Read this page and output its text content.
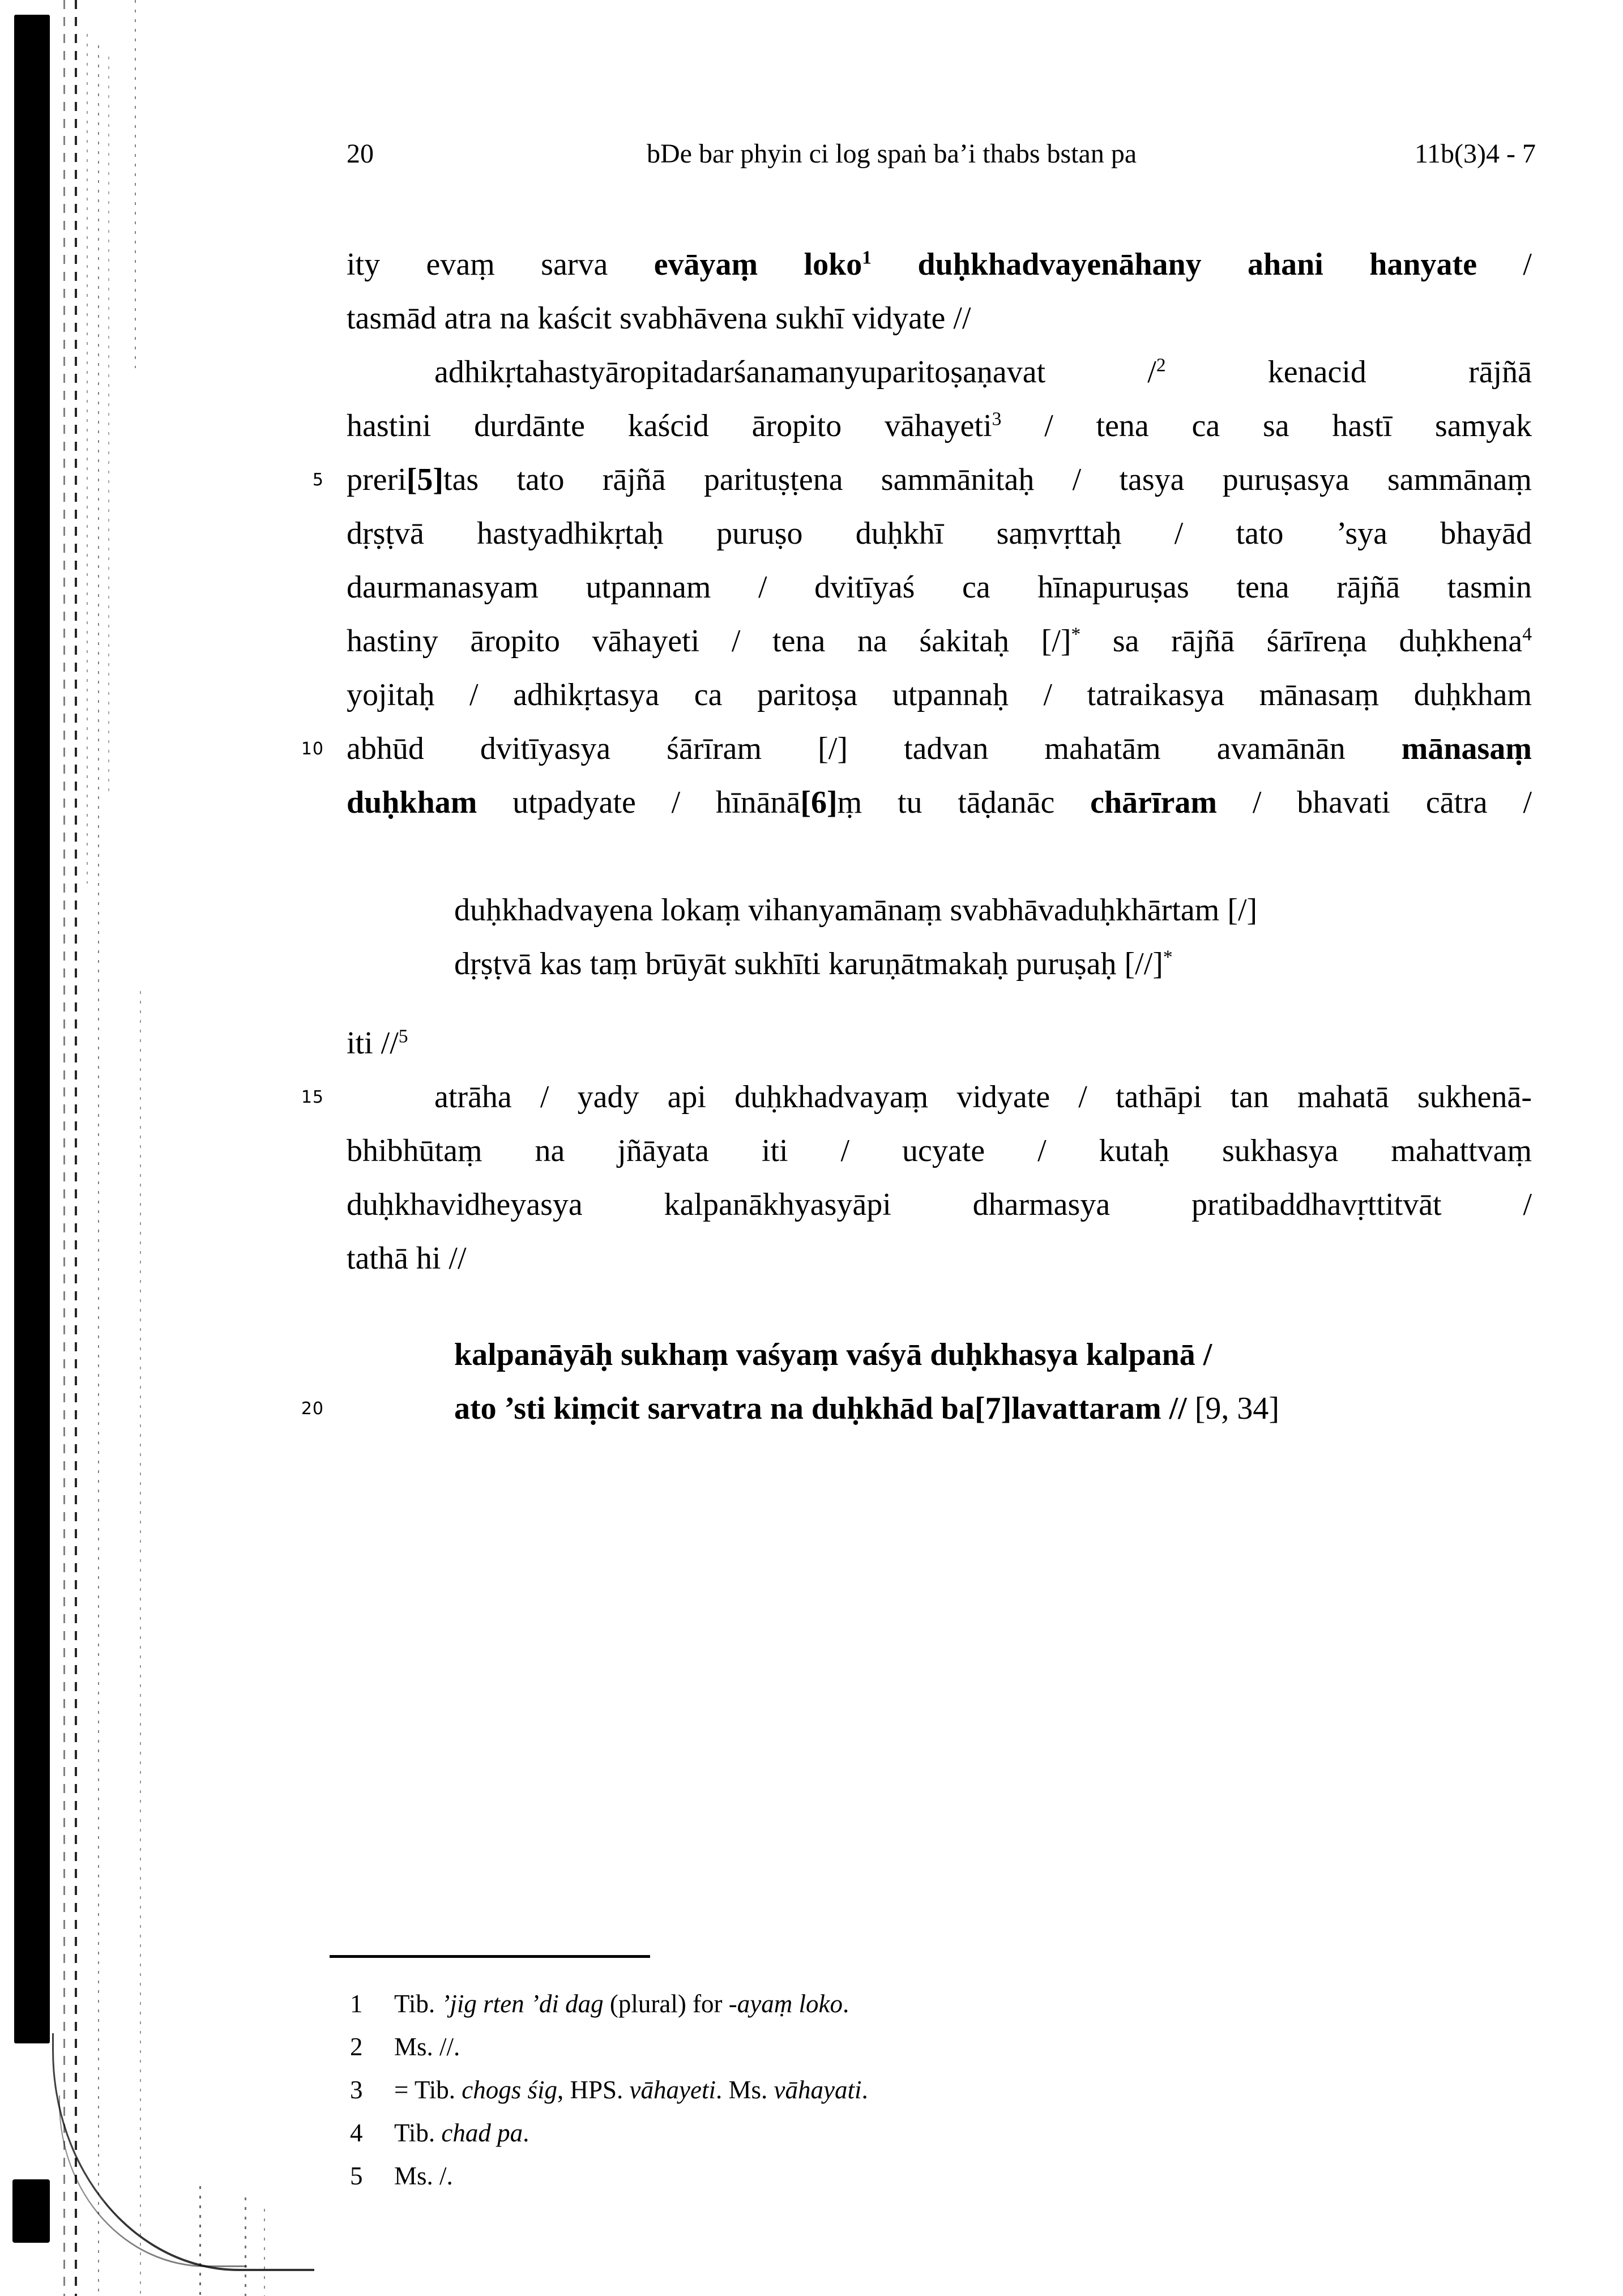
20	bDe bar phyin ci log spaṅ ba’i thabs bstan pa	11b(3)4 - 7
5
10
15
20
ity evaṃ sarva evāyaṃ loko$^1$ duḥkhadvayenāhany ahani hanyate /
tasmād atra na kaścit svabhāvena sukhī vidyate //
adhikṛtahastyāropitadarśanamanyuparitoṣaṇavat /$^2$ kenacid rājñā
hastini durdānte kaścid āropito vāhayeti$^3$ / tena ca sa hastī samyak
preri[5]tas tato rājñā parituṣṭena sammānitaḥ / tasya puruṣasya sammānaṃ
dṛṣṭvā hastyadhikṛtaḥ puruṣo duḥkhī saṃvṛttaḥ / tato ’sya bhayād
daurmanasyam utpannam / dvitīyaś ca hīnapuruṣas tena rājñā tasmin
hastiny āropito vāhayeti / tena na śakitaḥ [/]* sa rājñā śārīreṇa duḥkhena$^4$
yojitaḥ / adhikṛtasya ca paritoṣa utpannaḥ / tatraikasya mānasaṃ duḥkham
abhūd dvitīyasya śārīram [/] tadvan mahatām avamānān mānasaṃ
duḥkham utpadyate / hīnānā[6]ṃ tu tāḍanāc chārīram / bhavati cātra /
duḥkhadvayena lokaṃ vihanyamānaṃ svabhāvaduḥkhārtam [/]
dṛṣṭvā kas taṃ brūyāt sukhīti karuṇātmakaḥ puruṣaḥ [//]*
iti //$^5$
atrāha / yady api duḥkhadvayaṃ vidyate / tathāpi tan mahatā sukhenā-
bhibhūtaṃ na jñāyata iti / ucyate / kutaḥ sukhasya mahattvaṃ
duḥkhavidheyasya kalpanākhyasyāpi dharmasya pratibaddhavṛttitvāt /
tathā hi //
kalpanāyāḥ sukhaṃ vaśyaṃ vaśyā duḥkhasya kalpanā /
ato ’sti kiṃcit sarvatra na duḥkhād ba[7]lavattaram // [9, 34]
1	Tib. ’jig rten ’di dag (plural) for -ayaṃ loko.
2	Ms. //.
3	= Tib. chogs śig, HPS. vāhayeti. Ms. vāhayati.
4	Tib. chad pa.
5	Ms. /.
